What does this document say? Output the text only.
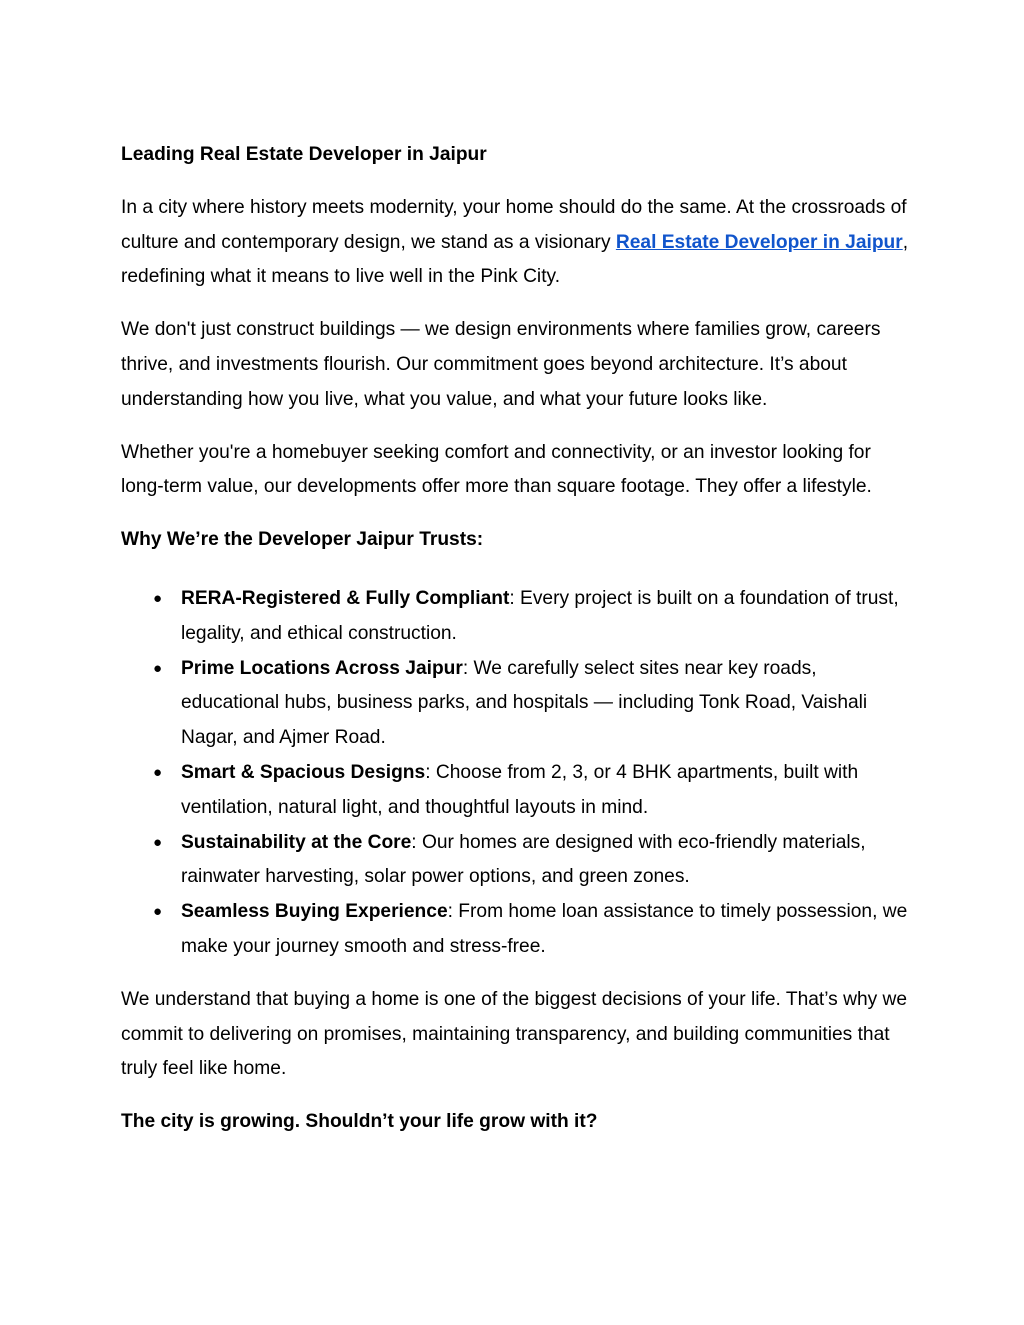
Leading Real Estate Developer in Jaipur

In a city where history meets modernity, your home should do the same. At the crossroads of culture and contemporary design, we stand as a visionary Real Estate Developer in Jaipur, redefining what it means to live well in the Pink City.

We don't just construct buildings — we design environments where families grow, careers thrive, and investments flourish. Our commitment goes beyond architecture. It’s about understanding how you live, what you value, and what your future looks like.

Whether you're a homebuyer seeking comfort and connectivity, or an investor looking for long-term value, our developments offer more than square footage. They offer a lifestyle.

Why We’re the Developer Jaipur Trusts:

● RERA-Registered & Fully Compliant: Every project is built on a foundation of trust, legality, and ethical construction.
● Prime Locations Across Jaipur: We carefully select sites near key roads, educational hubs, business parks, and hospitals — including Tonk Road, Vaishali Nagar, and Ajmer Road.
● Smart & Spacious Designs: Choose from 2, 3, or 4 BHK apartments, built with ventilation, natural light, and thoughtful layouts in mind.
● Sustainability at the Core: Our homes are designed with eco-friendly materials, rainwater harvesting, solar power options, and green zones.
● Seamless Buying Experience: From home loan assistance to timely possession, we make your journey smooth and stress-free.

We understand that buying a home is one of the biggest decisions of your life. That’s why we commit to delivering on promises, maintaining transparency, and building communities that truly feel like home.

The city is growing. Shouldn’t your life grow with it?
